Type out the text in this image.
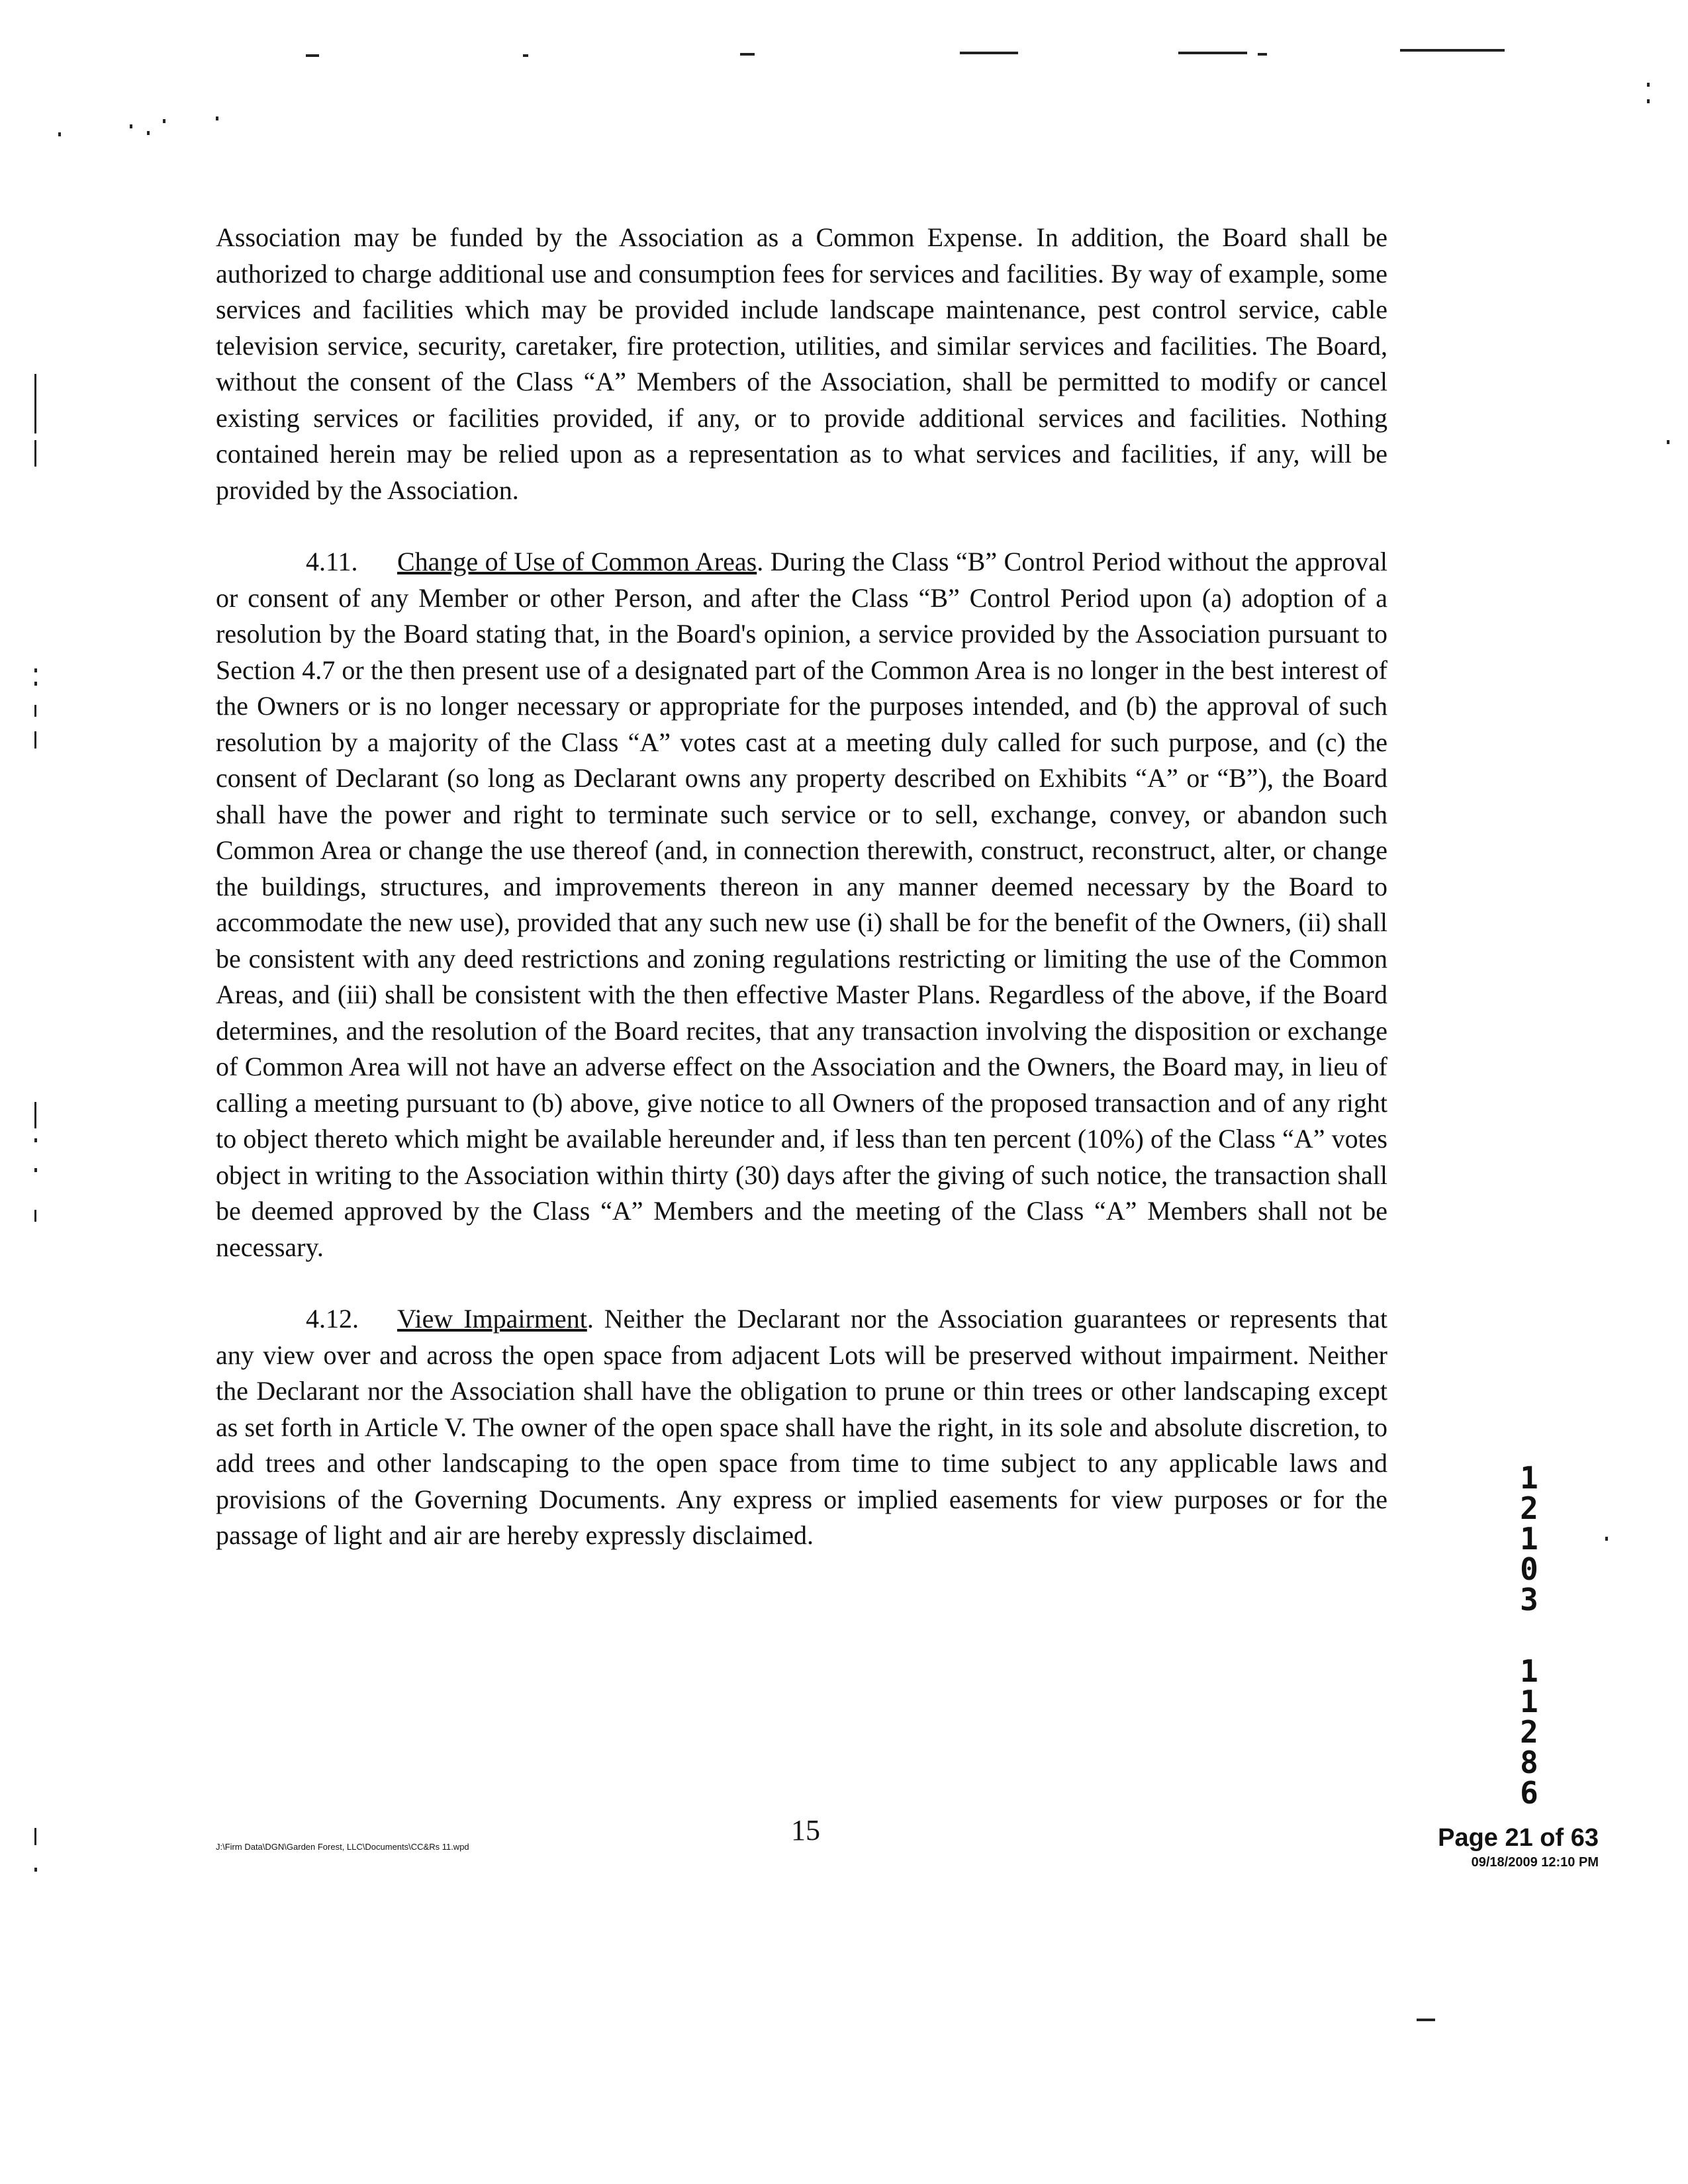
Association may be funded by the Association as a Common Expense. In addition, the Board shall be authorized to charge additional use and consumption fees for services and facilities. By way of example, some services and facilities which may be provided include landscape maintenance, pest control service, cable television service, security, caretaker, fire protection, utilities, and similar services and facilities. The Board, without the consent of the Class “A” Members of the Association, shall be permitted to modify or cancel existing services or facilities provided, if any, or to provide additional services and facilities. Nothing contained herein may be relied upon as a representation as to what services and facilities, if any, will be provided by the Association.

4.11. Change of Use of Common Areas. During the Class “B” Control Period without the approval or consent of any Member or other Person, and after the Class “B” Control Period upon (a) adoption of a resolution by the Board stating that, in the Board's opinion, a service provided by the Association pursuant to Section 4.7 or the then present use of a designated part of the Common Area is no longer in the best interest of the Owners or is no longer necessary or appropriate for the purposes intended, and (b) the approval of such resolution by a majority of the Class “A” votes cast at a meeting duly called for such purpose, and (c) the consent of Declarant (so long as Declarant owns any property described on Exhibits “A” or “B”), the Board shall have the power and right to terminate such service or to sell, exchange, convey, or abandon such Common Area or change the use thereof (and, in connection therewith, construct, reconstruct, alter, or change the buildings, structures, and improvements thereon in any manner deemed necessary by the Board to accommodate the new use), provided that any such new use (i) shall be for the benefit of the Owners, (ii) shall be consistent with any deed restrictions and zoning regulations restricting or limiting the use of the Common Areas, and (iii) shall be consistent with the then effective Master Plans. Regardless of the above, if the Board determines, and the resolution of the Board recites, that any transaction involving the disposition or exchange of Common Area will not have an adverse effect on the Association and the Owners, the Board may, in lieu of calling a meeting pursuant to (b) above, give notice to all Owners of the proposed transaction and of any right to object thereto which might be available hereunder and, if less than ten percent (10%) of the Class “A” votes object in writing to the Association within thirty (30) days after the giving of such notice, the transaction shall be deemed approved by the Class “A” Members and the meeting of the Class “A” Members shall not be necessary.

4.12. View Impairment. Neither the Declarant nor the Association guarantees or represents that any view over and across the open space from adjacent Lots will be preserved without impairment. Neither the Declarant nor the Association shall have the obligation to prune or thin trees or other landscaping except as set forth in Article V. The owner of the open space shall have the right, in its sole and absolute discretion, to add trees and other landscaping to the open space from time to time subject to any applicable laws and provisions of the Governing Documents. Any express or implied easements for view purposes or for the passage of light and air are hereby expressly disclaimed.

1
2
1
0
3
1
1
2
8
6
J:\Firm Data\DGN\Garden Forest, LLC\Documents\CC&Rs 11.wpd
15	Page 21 of 63
09/18/2009 12:10 PM
